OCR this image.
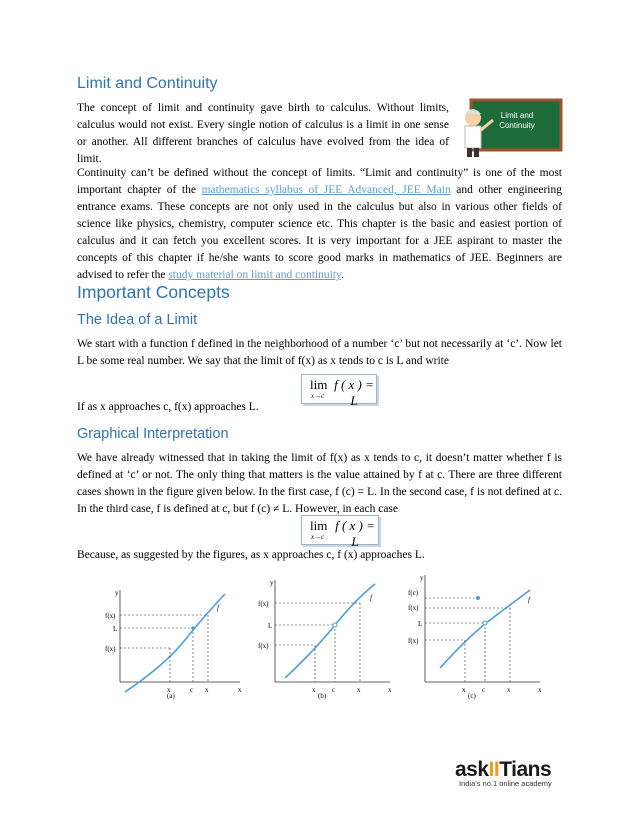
Limit and Continuity
The concept of limit and continuity gave birth to calculus. Without limits, calculus would not exist. Every single notion of calculus is a limit in one sense or another. All different branches of calculus have evolved from the idea of limit.
Limit and
Continuity
Continuity can’t be defined without the concept of limits. “Limit and continuity” is one of the most important chapter of the mathematics syllabus of JEE Advanced, JEE Main and other engineering entrance exams. These concepts are not only used in the calculus but also in various other fields of science like physics, chemistry, computer science etc. This chapter is the basic and easiest portion of calculus and it can fetch you excellent scores. It is very important for a JEE aspirant to master the concepts of this chapter if he/she wants to score good marks in mathematics of JEE. Beginners are advised to refer the study material on limit and continuity.
Important Concepts
The Idea of a Limit
We start with a function f defined in the neighborhood of a number ‘c’ but not necessarily at ‘c’. Now let L be some real number. We say that the limit of f(x) as x tends to c is L and write
lim
x→c
f ( x ) = L
If as x approaches c, f(x) approaches L.
Graphical Interpretation
We have already witnessed that in taking the limit of f(x) as x tends to c, it doesn’t matter whether f is defined at ‘c’ or not. The only thing that matters is the value attained by f at c. There are three different cases shown in the figure given below. In the first case, f (c) = L. In the second case, f is not defined at c. In the third case, f is defined at c, but f (c) ≠ L. However, in each case
lim
x→c
f ( x ) = L
Because, as suggested by the figures, as x approaches c, f (x) approaches L.
y
x
f
f(x)
L
f(x)
x	c x
(a)
y
x
f
f(x)
L
f(x)
x c	x
(b)
y
x
f
f(c)
f(x)
L
f(x)
x c	x
(c)
askIITians
India's no.1 online academy
